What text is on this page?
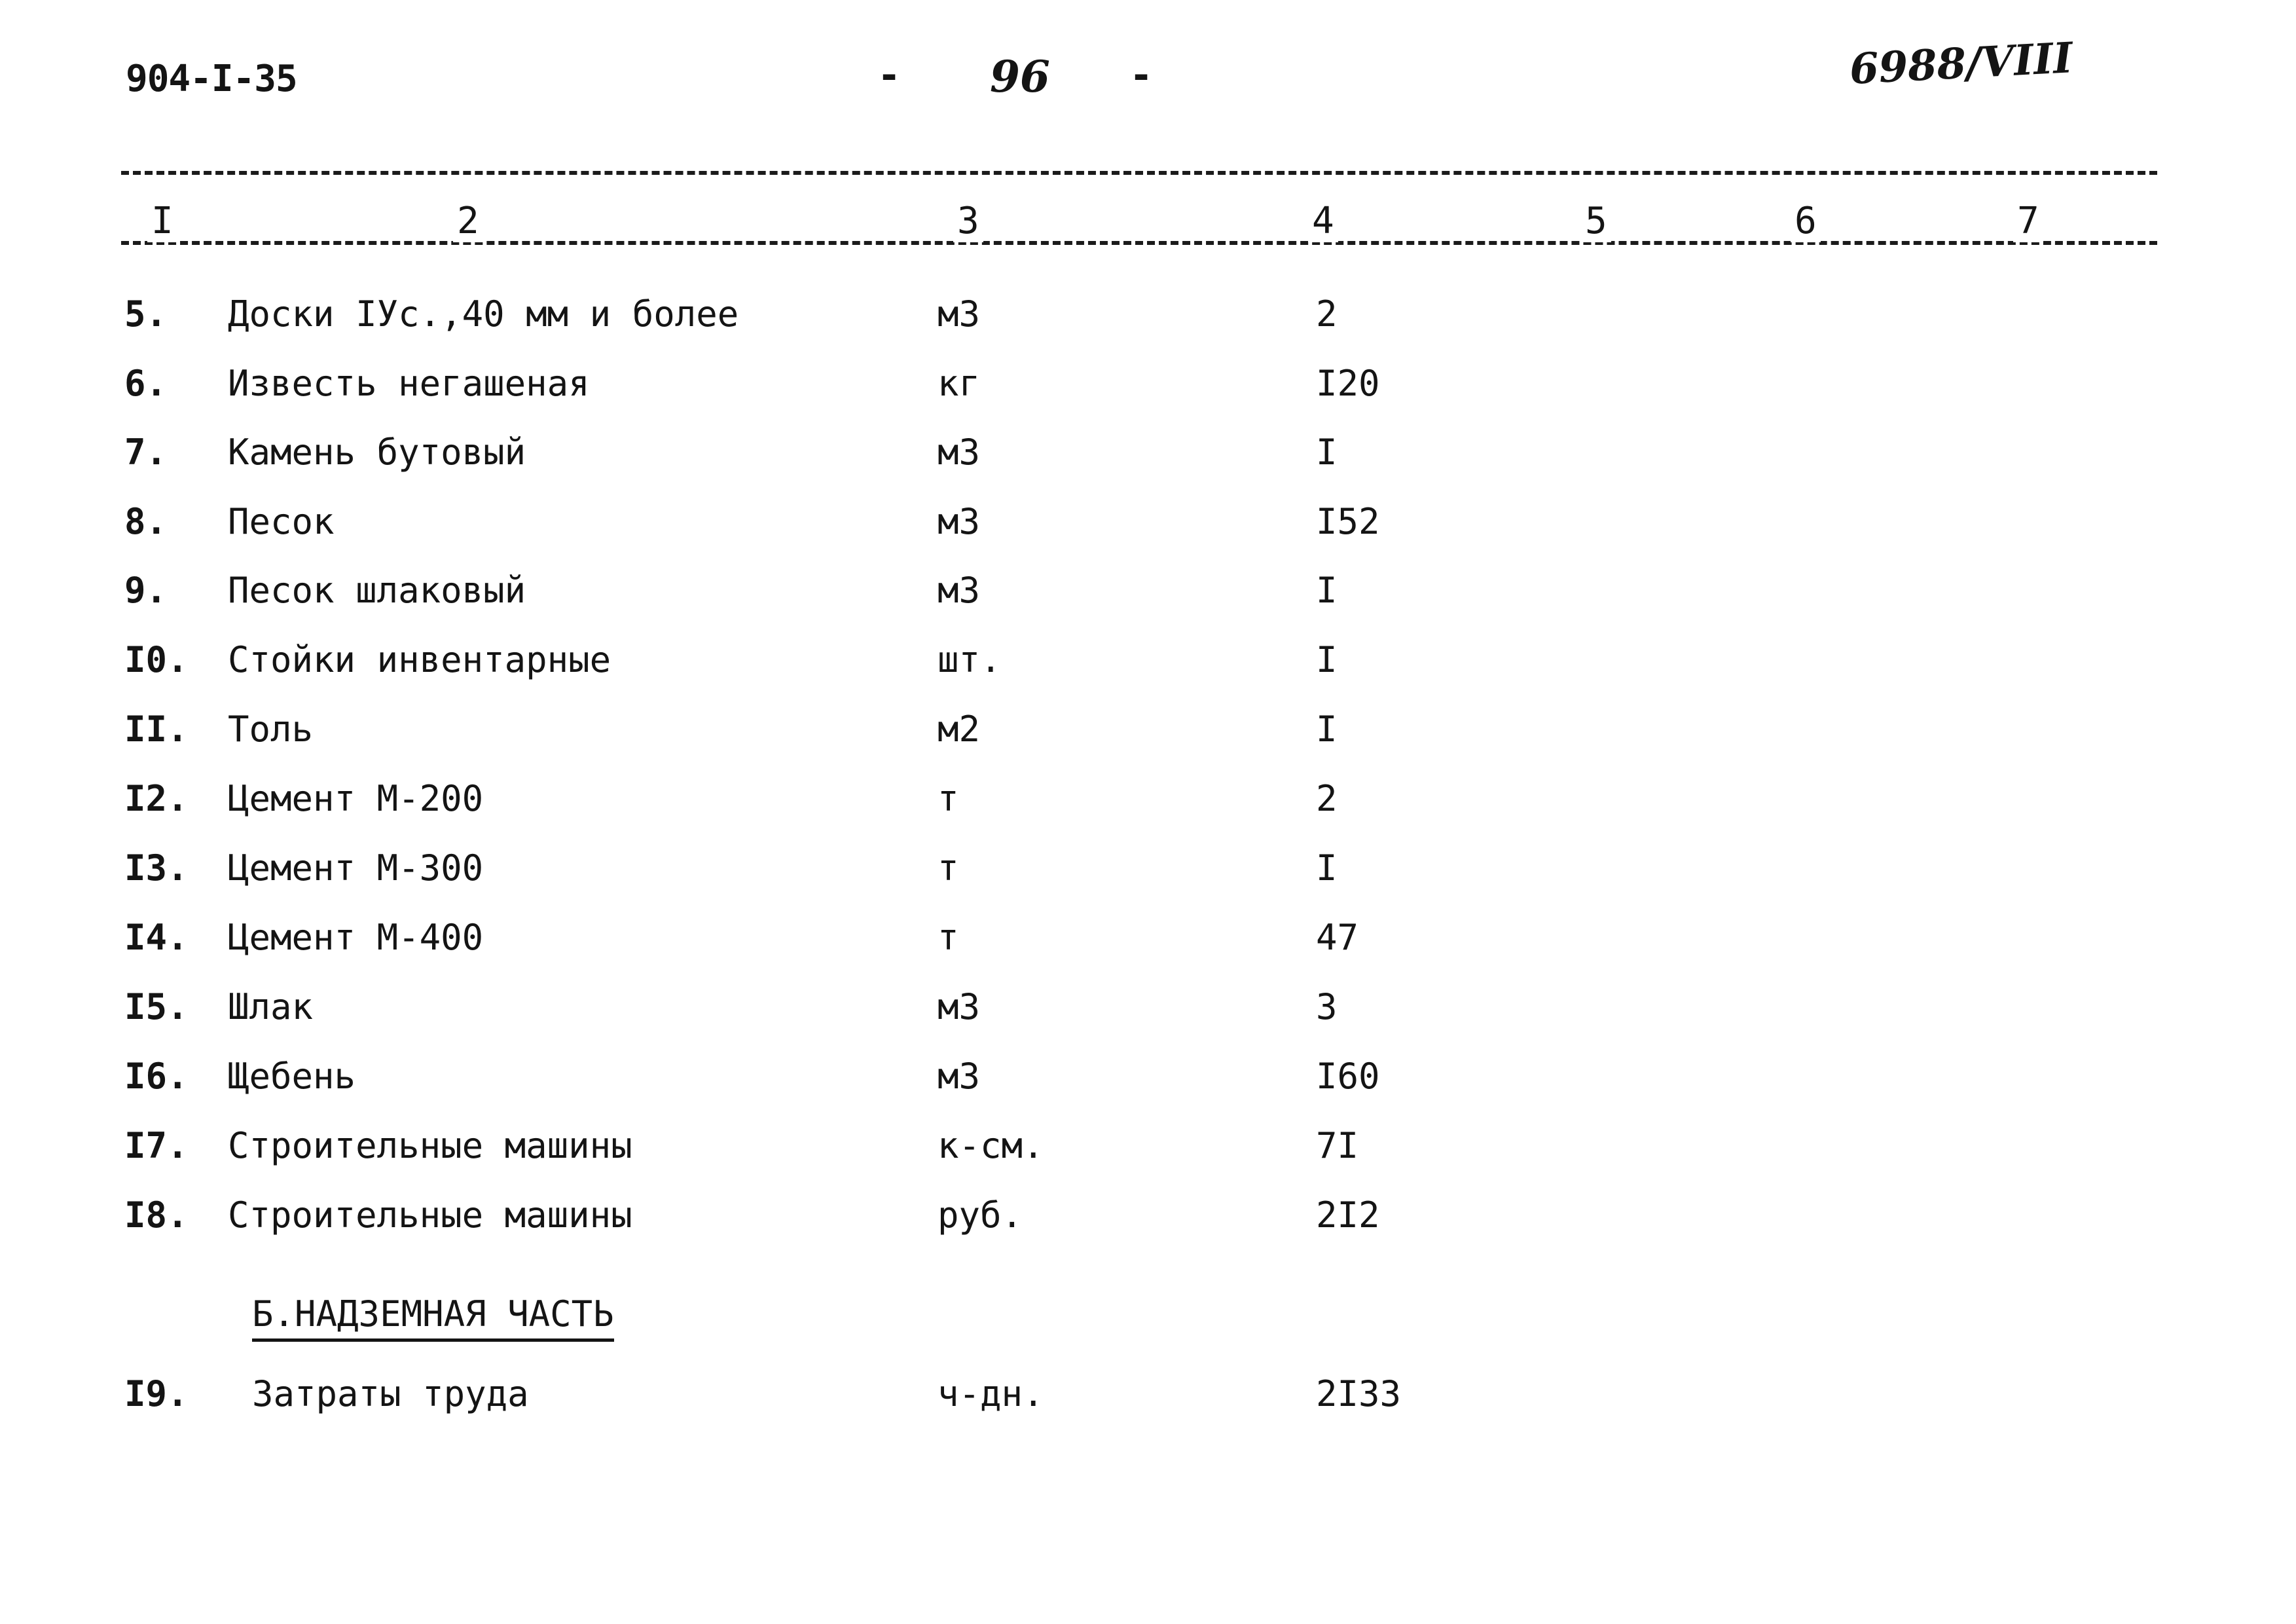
904-I-35	- 96 -	6988/VIII
I	2	3	4	5	6	7
5. Доски IУс.,40 мм и более	м3	2
6. Известь негашеная	кг	I20
7. Камень бутовый	м3	I
8. Песок	м3	I52
9. Песок шлаковый	м3	I
I0. Стойки инвентарные	шт.	I
II. Толь	м2	I
I2. Цемент М-200	т	2
I3. Цемент М-300	т	I
I4. Цемент М-400	т	47
I5. Шлак	м3	3
I6. Щебень	м3	I60
I7. Строительные машины	к-см.	7I
I8. Строительные машины	руб.	2I2
Б.НАДЗЕМНАЯ ЧАСТЬ
I9. Затраты труда	ч-дн.	2I33
